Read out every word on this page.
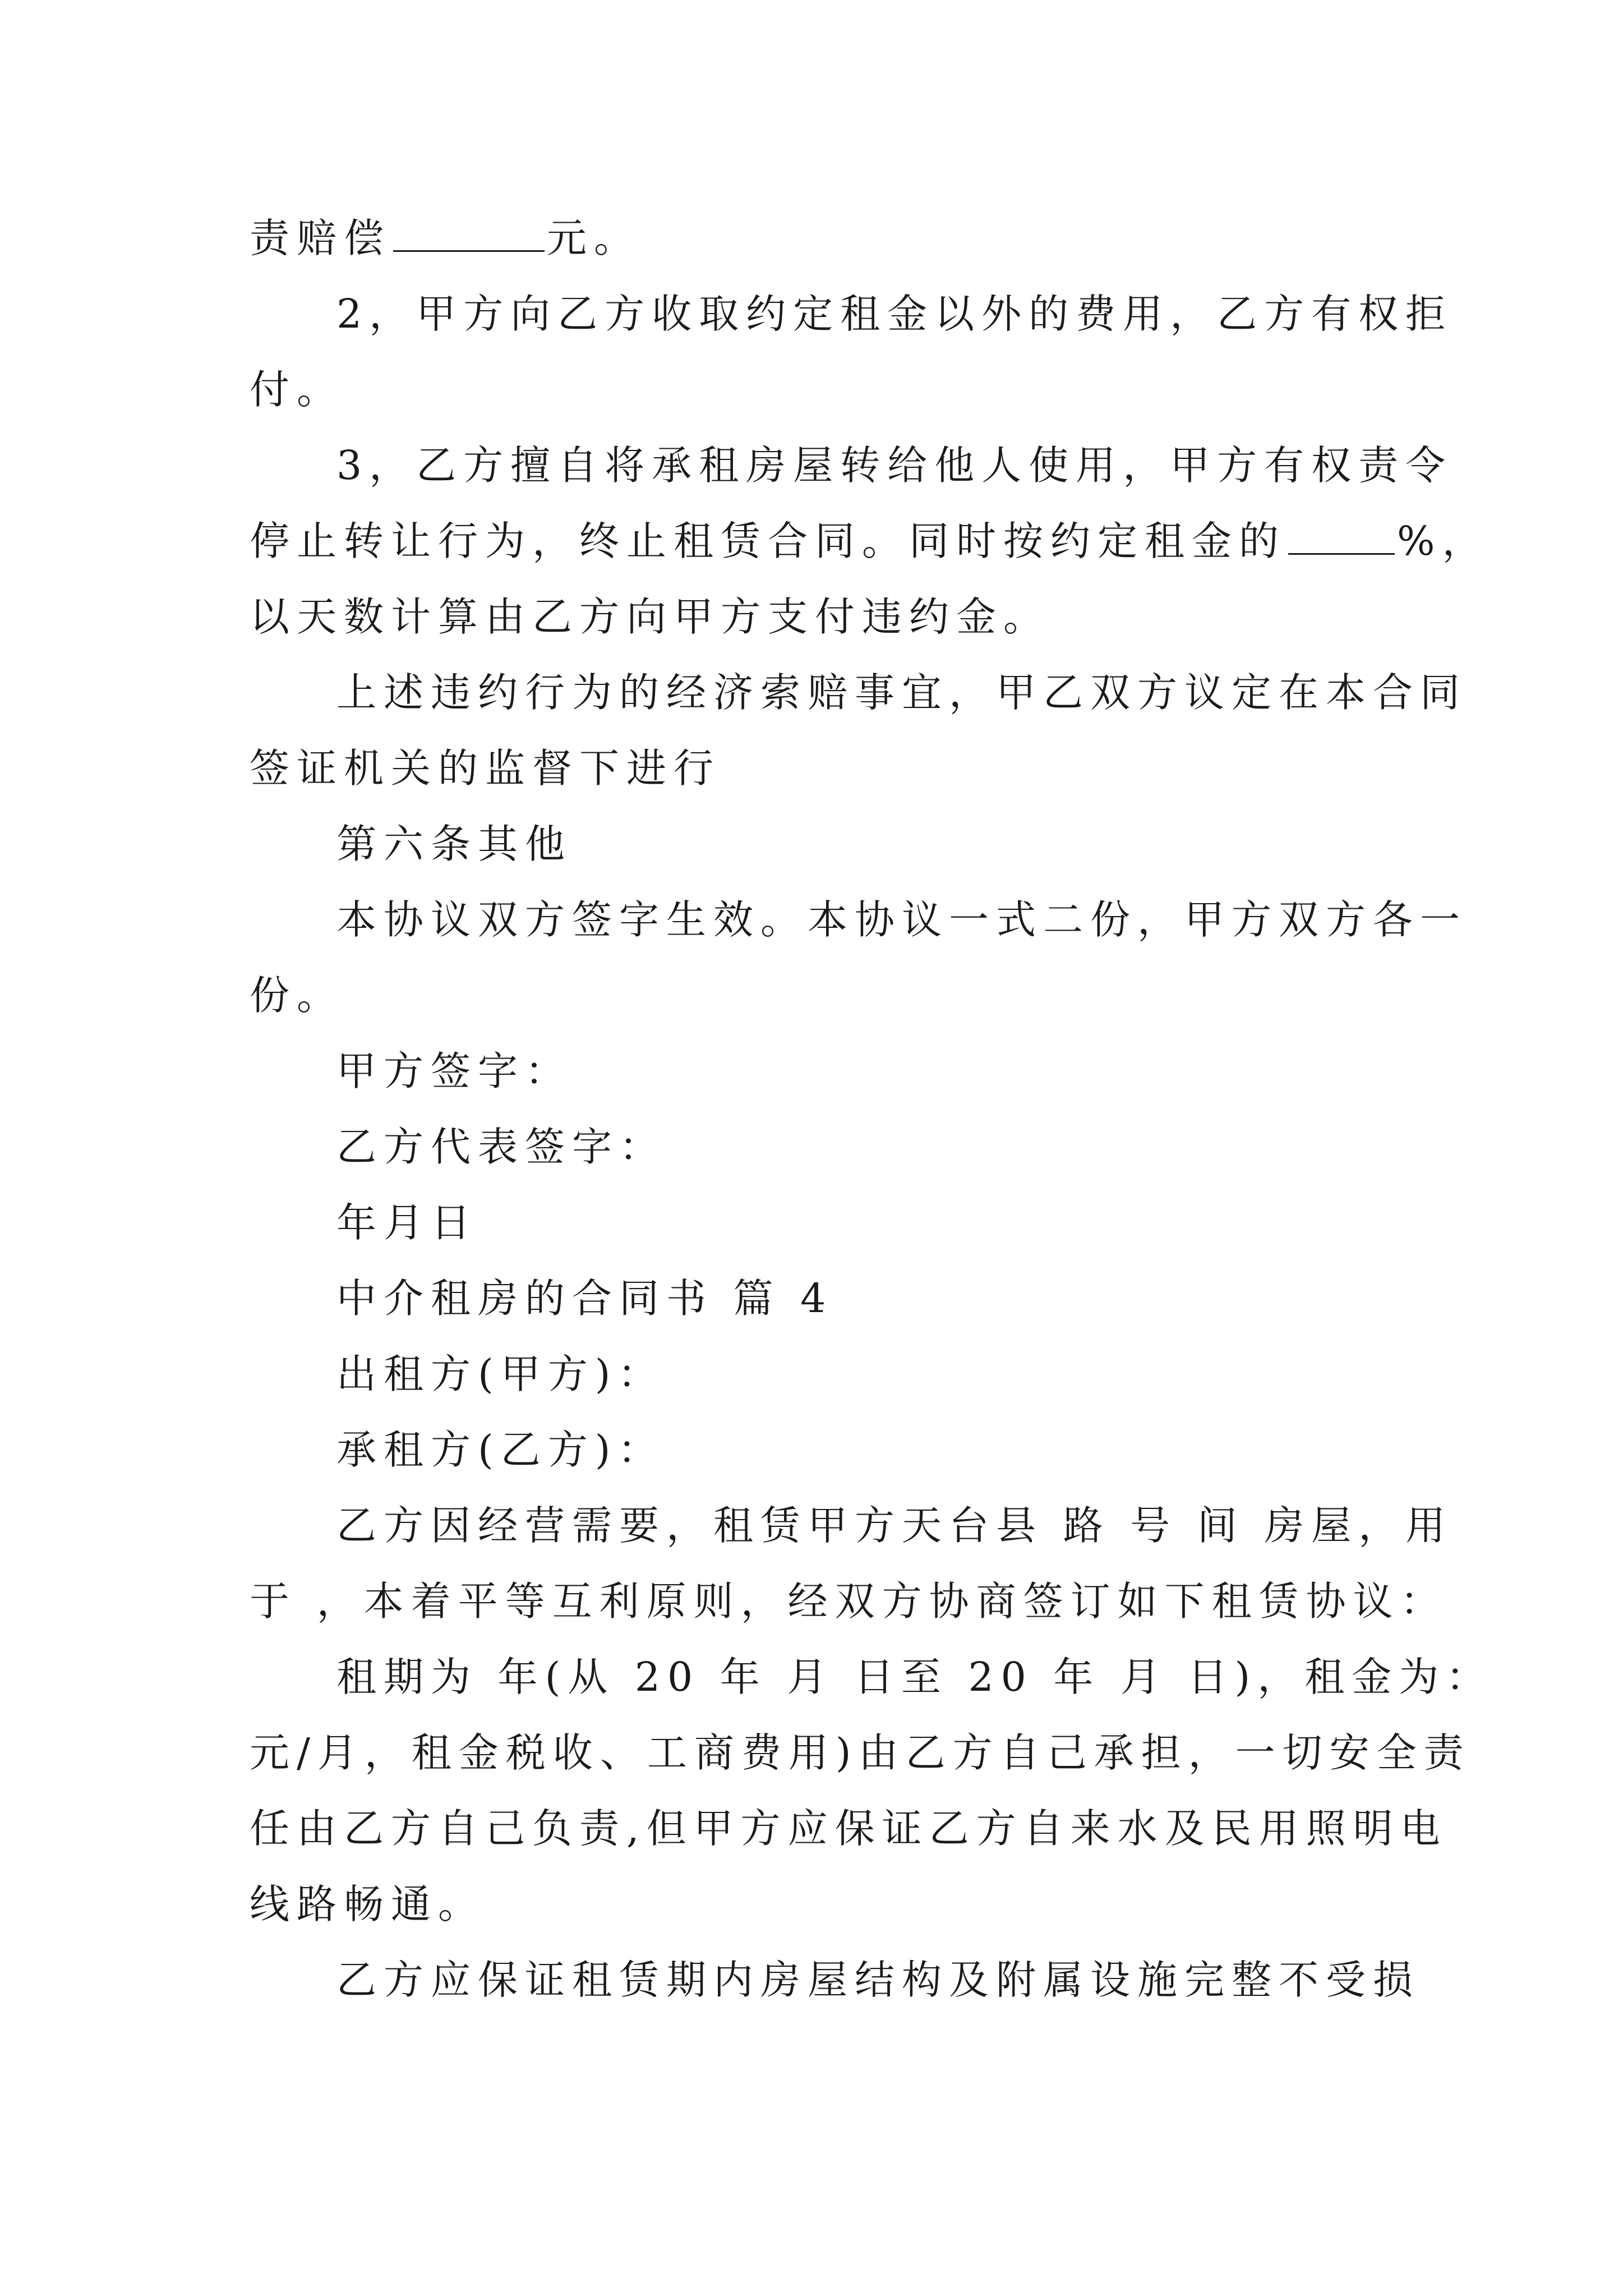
责赔偿	元。
2，甲方向乙方收取约定租金以外的费用，乙方有权拒
付。
3，乙方擅自将承租房屋转给他人使用，甲方有权责令
停止转让行为，终止租赁合同。同时按约定租金的	%，
以天数计算由乙方向甲方支付违约金。
上述违约行为的经济索赔事宜，甲乙双方议定在本合同
签证机关的监督下进行
第六条其他
本协议双方签字生效。本协议一式二份，甲方双方各一
份。
甲方签字：
乙方代表签字：
年月日
中介租房的合同书 篇 4
出租方(甲方)：
承租方(乙方)：
乙方因经营需要，租赁甲方天台县 路 号 间 房屋，用
于 ，本着平等互利原则，经双方协商签订如下租赁协议：
租期为 年(从 20 年 月 日至 20 年 月 日)，租金为：
元/月，租金税收、工商费用)由乙方自己承担，一切安全责
任由乙方自己负责,但甲方应保证乙方自来水及民用照明电
线路畅通。
乙方应保证租赁期内房屋结构及附属设施完整不受损
